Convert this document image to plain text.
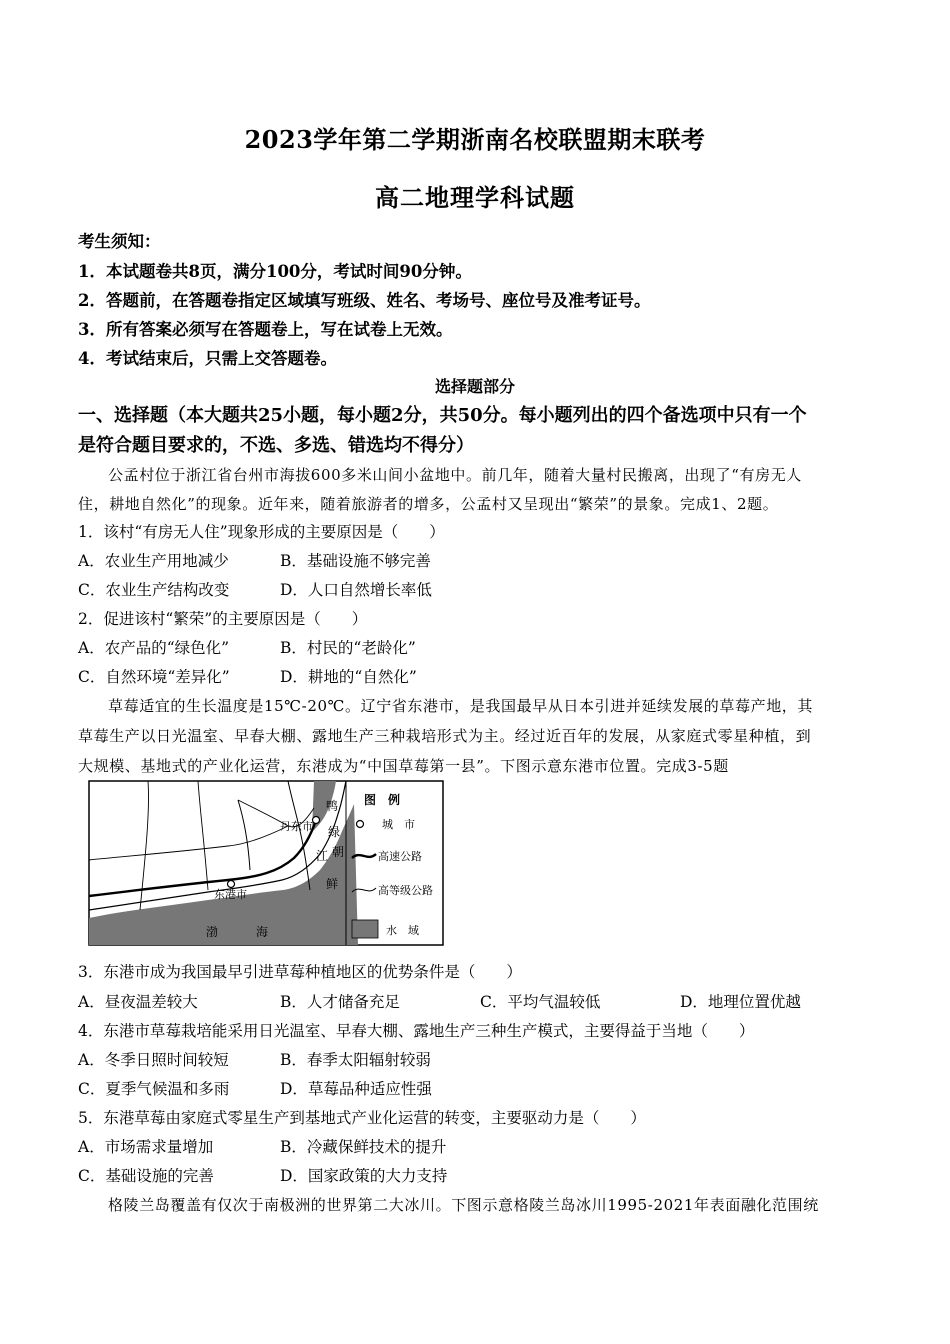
2023学年第二学期浙南名校联盟期末联考
高二地理学科试题
考生须知：
1．本试题卷共8页，满分100分，考试时间90分钟。
2．答题前，在答题卷指定区域填写班级、姓名、考场号、座位号及准考证号。
3．所有答案必须写在答题卷上，写在试卷上无效。
4．考试结束后，只需上交答题卷。
选择题部分
一、选择题（本大题共25小题，每小题2分，共50分。每小题列出的四个备选项中只有一个
是符合题目要求的，不选、多选、错选均不得分）
公孟村位于浙江省台州市海拔600多米山间小盆地中。前几年，随着大量村民搬离，出现了“有房无人
住，耕地自然化”的现象。近年来，随着旅游者的增多，公孟村又呈现出“繁荣”的景象。完成1、2题。
1．该村“有房无人住”现象形成的主要原因是（　　）
A．农业生产用地减少	B．基础设施不够完善
C．农业生产结构改变	D．人口自然增长率低
2．促进该村“繁荣”的主要原因是（　　）
A．农产品的“绿色化”	B．村民的“老龄化”
C．自然环境“差异化”	D．耕地的“自然化”
草莓适宜的生长温度是15℃-20℃。辽宁省东港市，是我国最早从日本引进并延续发展的草莓产地，其
草莓生产以日光温室、早春大棚、露地生产三种栽培形式为主。经过近百年的发展，从家庭式零星种植，到
大规模、基地式的产业化运营，东港成为“中国草莓第一县”。下图示意东港市位置。完成3-5题
丹东市
东港市
鸭
绿
江 朝
鲜
渤	海
图　例
城　市
高速公路
高等级公路
水　域
3．东港市成为我国最早引进草莓种植地区的优势条件是（　　）
A．昼夜温差较大	B．人才储备充足	C．平均气温较低	D．地理位置优越
4．东港市草莓栽培能采用日光温室、早春大棚、露地生产三种生产模式，主要得益于当地（　　）
A．冬季日照时间较短	B．春季太阳辐射较弱
C．夏季气候温和多雨	D．草莓品种适应性强
5．东港草莓由家庭式零星生产到基地式产业化运营的转变，主要驱动力是（　　）
A．市场需求量增加	B．冷藏保鲜技术的提升
C．基础设施的完善	D．国家政策的大力支持
格陵兰岛覆盖有仅次于南极洲的世界第二大冰川。下图示意格陵兰岛冰川1995-2021年表面融化范围统
